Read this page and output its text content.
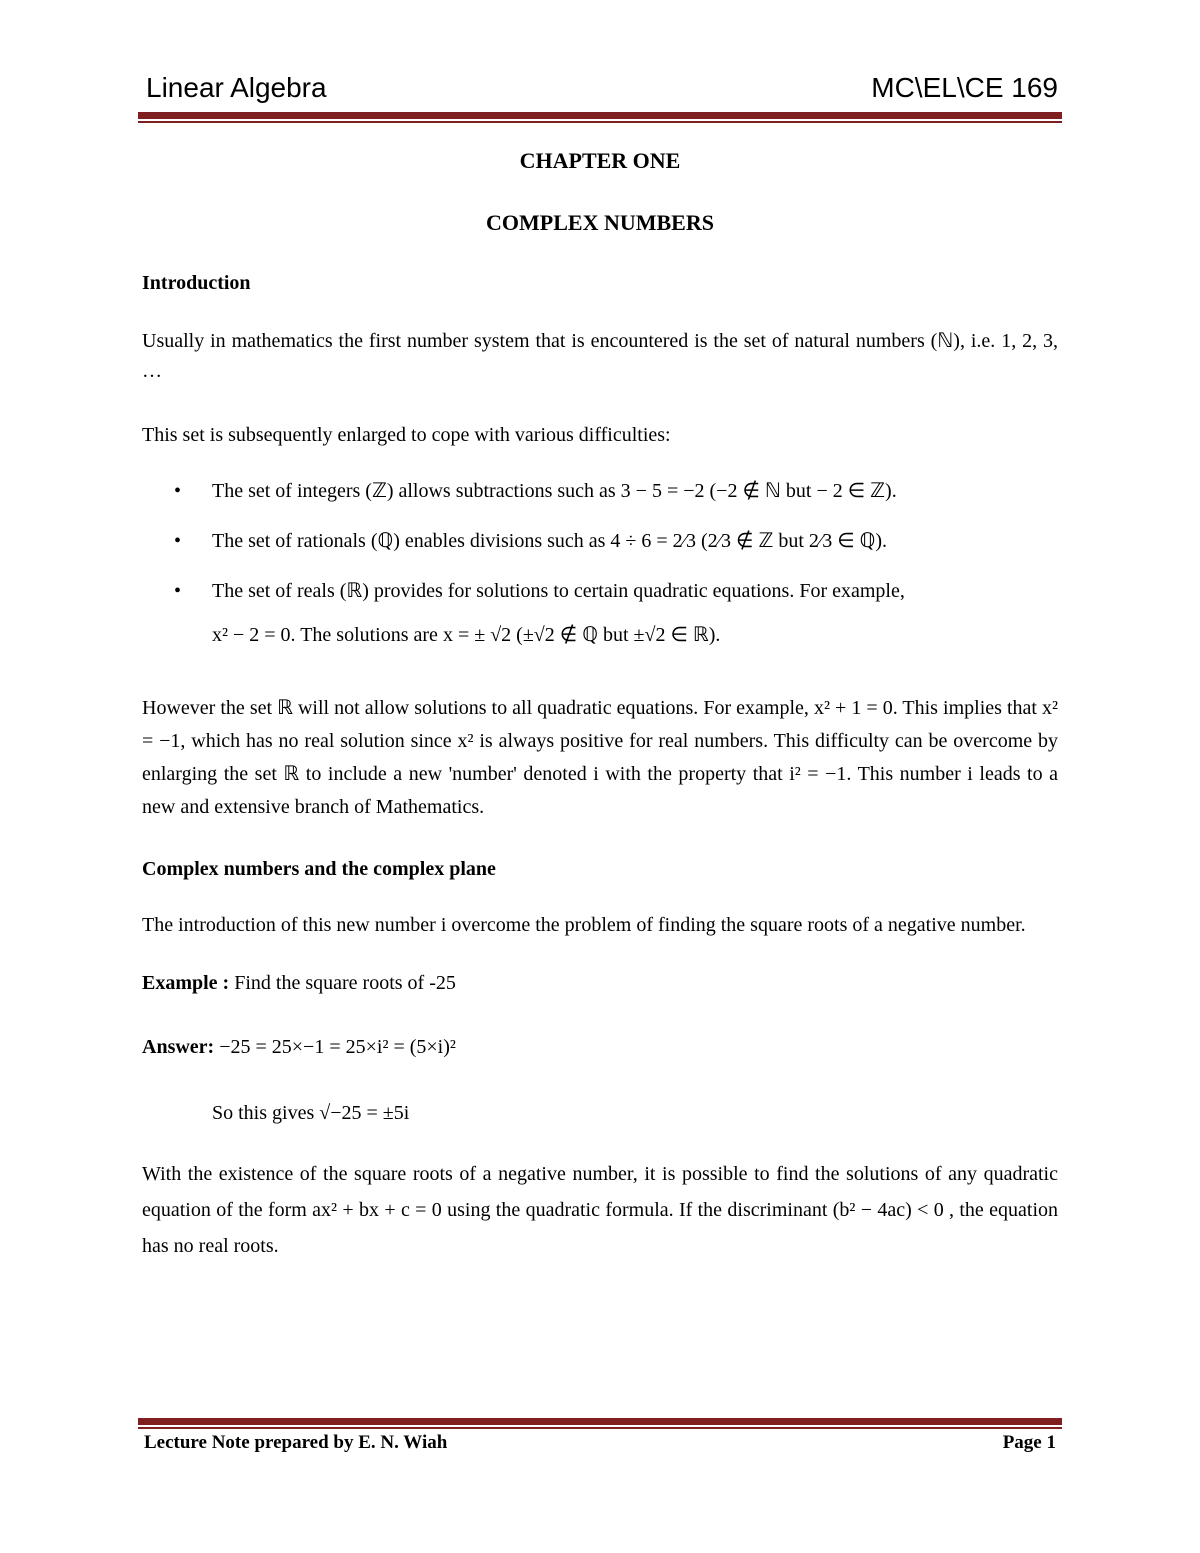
Linear Algebra	MC\EL\CE 169

CHAPTER ONE

COMPLEX NUMBERS

Introduction

Usually in mathematics the first number system that is encountered is the set of natural numbers (ℕ), i.e. 1, 2, 3, …

This set is subsequently enlarged to cope with various difficulties:

• The set of integers (ℤ) allows subtractions such as 3 − 5 = −2 (−2 ∉ ℕ but − 2 ∈ ℤ).
• The set of rationals (ℚ) enables divisions such as 4 ÷ 6 = 2⁄3 (2⁄3 ∉ ℤ but 2⁄3 ∈ ℚ).
• The set of reals (ℝ) provides for solutions to certain quadratic equations. For example,
x² − 2 = 0. The solutions are x = ± √2 (±√2 ∉ ℚ but ±√2 ∈ ℝ).

However the set ℝ will not allow solutions to all quadratic equations. For example, x² + 1 = 0. This implies that x² = −1, which has no real solution since x² is always positive for real numbers. This difficulty can be overcome by enlarging the set ℝ to include a new 'number' denoted i with the property that i² = −1. This number i leads to a new and extensive branch of Mathematics.

Complex numbers and the complex plane

The introduction of this new number i overcome the problem of finding the square roots of a negative number.

Example : Find the square roots of -25

Answer: −25 = 25×−1 = 25×i² = (5×i)²

So this gives √−25 = ±5i

With the existence of the square roots of a negative number, it is possible to find the solutions of any quadratic equation of the form ax² + bx + c = 0 using the quadratic formula. If the discriminant (b² − 4ac) < 0 , the equation has no real roots.

Lecture Note prepared by E. N. Wiah	Page 1
